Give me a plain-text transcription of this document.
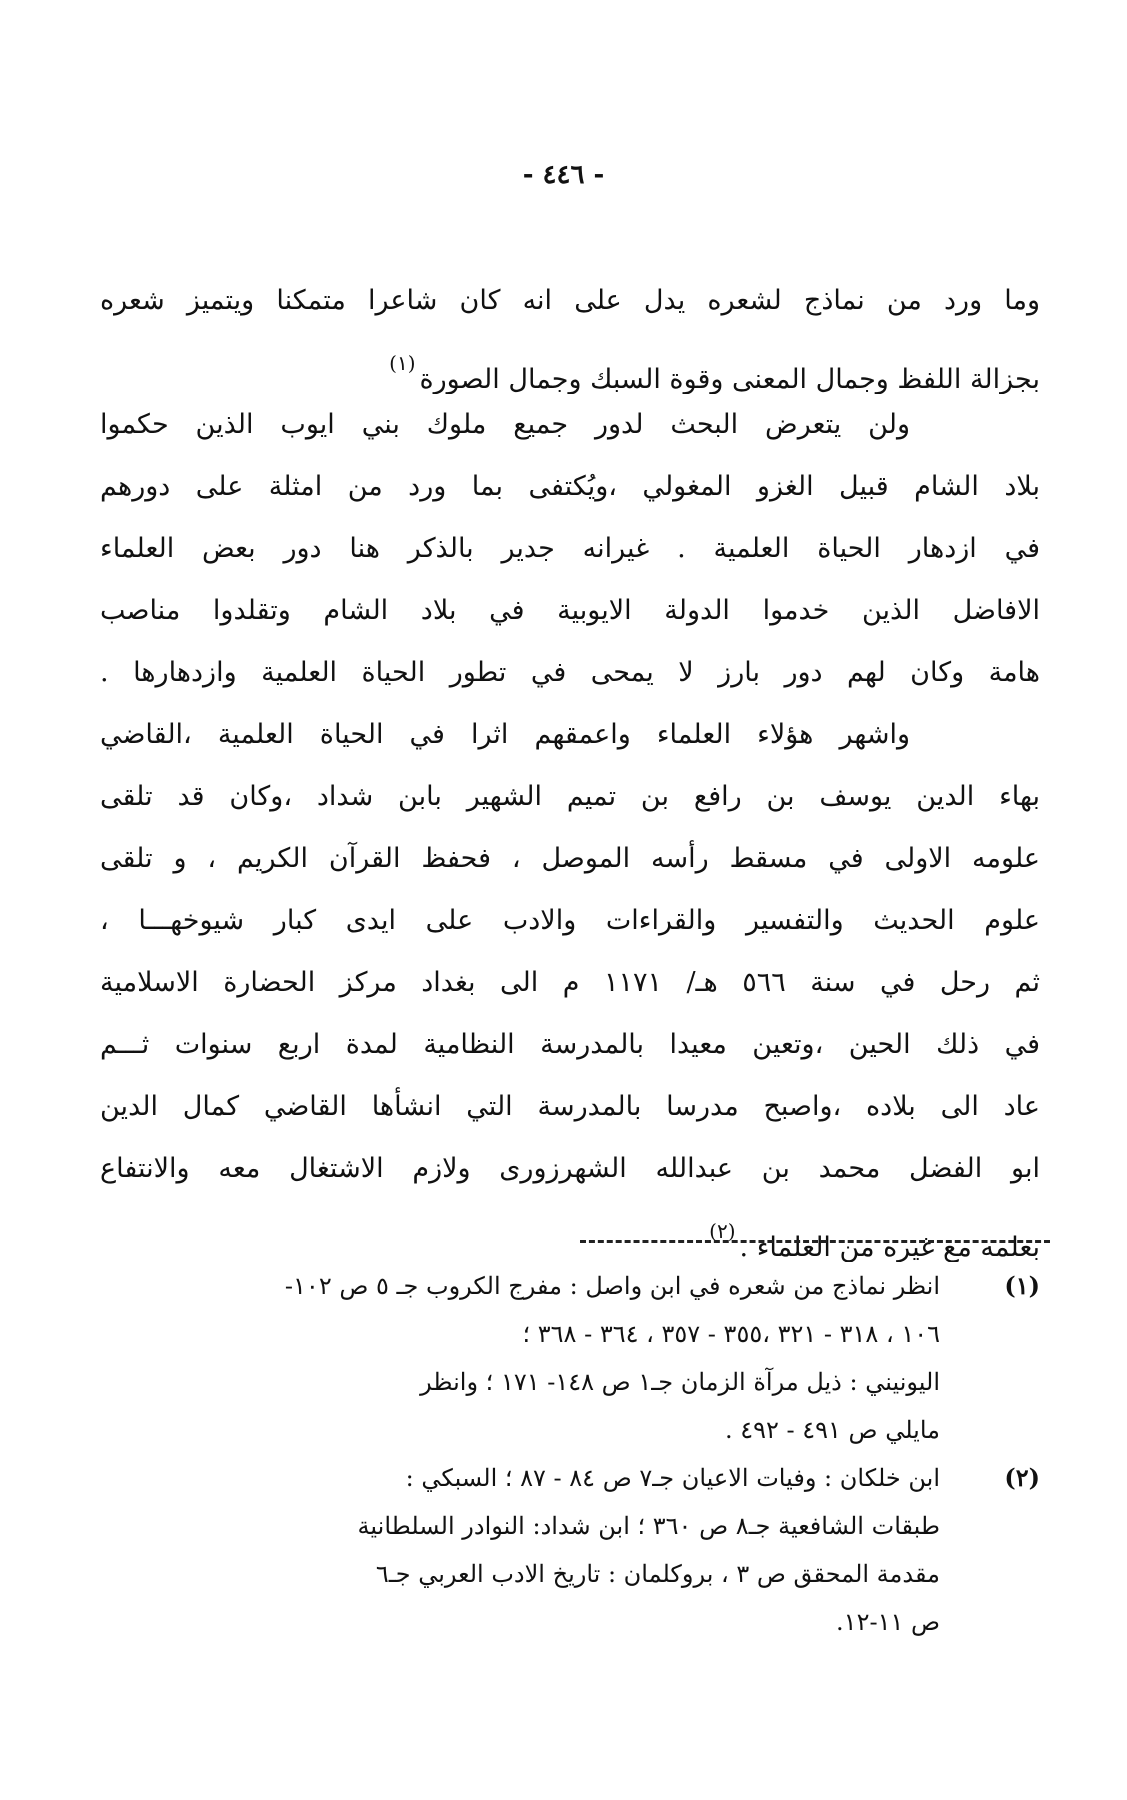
- ٤٤٦ -
وما ورد من نماذج لشعره يدل على انه كان شاعرا متمكنا ويتميز شعره
بجزالة اللفظ وجمال المعنى وقوة السبك وجمال الصورة$^{(١)}$
ولن يتعرض البحث لدور جميع ملوك بني ايوب الذين حكموا
بلاد الشام قبيل الغزو المغولي ،ويُكتفى بما ورد من امثلة على دورهم
في ازدهار الحياة العلمية . غيرانه جدير بالذكر هنا دور بعض العلماء
الافاضل الذين خدموا الدولة الايوبية في بلاد الشام وتقلدوا مناصب
هامة وكان لهم دور بارز لا يمحى في تطور الحياة العلمية وازدهارها .
واشهر هؤلاء العلماء واعمقهم اثرا في الحياة العلمية ،القاضي
بهاء الدين يوسف بن رافع بن تميم الشهير بابن شداد ،وكان قد تلقى
علومه الاولى في مسقط رأسه الموصل ، فحفظ القرآن الكريم ، و تلقى
علوم الحديث والتفسير والقراءات والادب على ايدى كبار شيوخهـــا ،
ثم رحل في سنة ٥٦٦ هـ/ ١١٧١ م الى بغداد مركز الحضارة الاسلامية
في ذلك الحين ،وتعين معيدا بالمدرسة النظامية لمدة اربع سنوات ثـــم
عاد الى بلاده ،واصبح مدرسا بالمدرسة التي انشأها القاضي كمال الدين
ابو الفضل محمد بن عبدالله الشهرزورى ولازم الاشتغال معه والانتفاع
بعلمه مع غيره من العلماء .$^{(٢)}$
(١)
انظر نماذج من شعره في ابن واصل : مفرج الكروب جـ ٥ ص ١٠٢-
١٠٦ ، ٣١٨ - ٣٢١ ،٣٥٥ - ٣٥٧ ، ٣٦٤ - ٣٦٨ ؛
اليونيني : ذيل مرآة الزمان جـ١ ص ١٤٨- ١٧١ ؛ وانظر
مايلي ص ٤٩١ - ٤٩٢ .
(٢)
ابن خلكان : وفيات الاعيان جـ٧ ص ٨٤ - ٨٧ ؛ السبكي :
طبقات الشافعية جـ٨ ص ٣٦٠ ؛ ابن شداد: النوادر السلطانية
مقدمة المحقق ص ٣ ، بروكلمان : تاريخ الادب العربي جـ٦
ص ١١-١٢.
